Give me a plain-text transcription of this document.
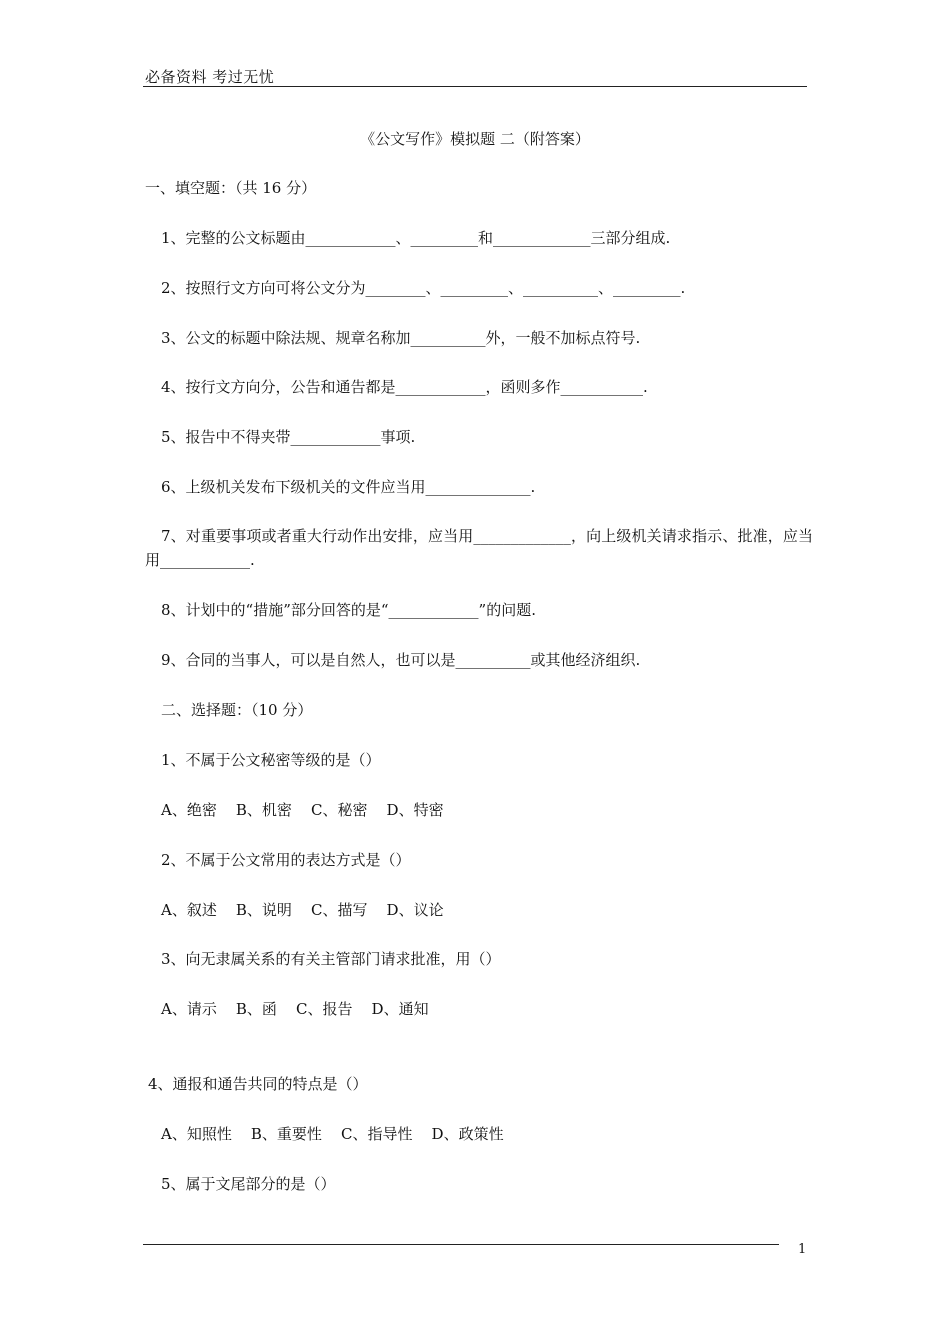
必备资料 考过无忧
《公文写作》模拟题 二（附答案）
一、填空题：（共 16 分）
1、完整的公文标题由____________、_________和_____________三部分组成.
2、按照行文方向可将公文分为________、_________、__________、_________.
3、公文的标题中除法规、规章名称加__________外，一般不加标点符号.
4、按行文方向分，公告和通告都是____________，函则多作___________.
5、报告中不得夹带____________事项.
6、上级机关发布下级机关的文件应当用______________.
7、对重要事项或者重大行动作出安排，应当用_____________，向上级机关请求指示、批准，应当用____________.
8、计划中的“措施”部分回答的是“____________”的问题.
9、合同的当事人，可以是自然人，也可以是__________或其他经济组织.
二、选择题：（10 分）
1、不属于公文秘密等级的是（）
A、绝密    B、机密    C、秘密    D、特密
2、不属于公文常用的表达方式是（）
A、叙述    B、说明    C、描写    D、议论
3、向无隶属关系的有关主管部门请求批准，用（）
A、请示    B、函    C、报告    D、通知
4、通报和通告共同的特点是（）
A、知照性    B、重要性    C、指导性    D、政策性
5、属于文尾部分的是（）
1
